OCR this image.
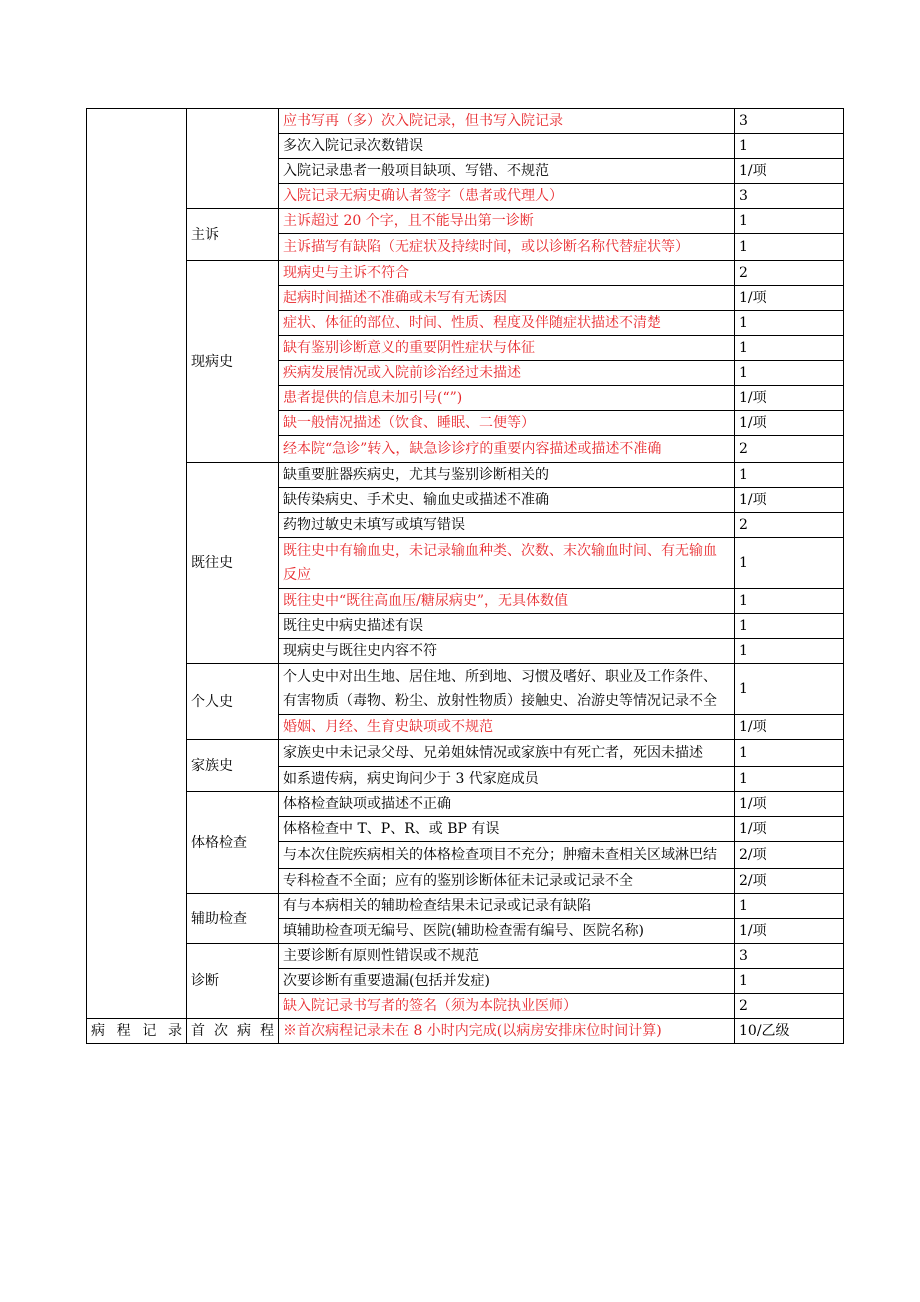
		应书写再（多）次入院记录，但书写入院记录	3
		多次入院记录次数错误	1
		入院记录患者一般项目缺项、写错、不规范	1/项
		入院记录无病史确认者签字（患者或代理人）	3
	主诉	主诉超过 20 个字，且不能导出第一诊断	1
		主诉描写有缺陷（无症状及持续时间，或以诊断名称代替症状等）	1
	现病史	现病史与主诉不符合	2
		起病时间描述不准确或未写有无诱因	1/项
		症状、体征的部位、时间、性质、程度及伴随症状描述不清楚	1
		缺有鉴别诊断意义的重要阴性症状与体征	1
		疾病发展情况或入院前诊治经过未描述	1
		患者提供的信息未加引号(“”)	1/项
		缺一般情况描述（饮食、睡眠、二便等）	1/项
		经本院“急诊”转入，缺急诊诊疗的重要内容描述或描述不准确	2
	既往史	缺重要脏器疾病史，尤其与鉴别诊断相关的	1
		缺传染病史、手术史、输血史或描述不准确	1/项
		药物过敏史未填写或填写错误	2
		既往史中有输血史，未记录输血种类、次数、末次输血时间、有无输血反应	1
		既往史中“既往高血压/糖尿病史”，无具体数值	1
		既往史中病史描述有误	1
		现病史与既往史内容不符	1
	个人史	个人史中对出生地、居住地、所到地、习惯及嗜好、职业及工作条件、有害物质（毒物、粉尘、放射性物质）接触史、冶游史等情况记录不全	1
		婚姻、月经、生育史缺项或不规范	1/项
	家族史	家族史中未记录父母、兄弟姐妹情况或家族中有死亡者，死因未描述	1
		如系遗传病，病史询问少于 3 代家庭成员	1
	体格检查	体格检查缺项或描述不正确	1/项
		体格检查中 T、P、R、或 BP 有误	1/项
		与本次住院疾病相关的体格检查项目不充分；肿瘤未查相关区域淋巴结	2/项
		专科检查不全面；应有的鉴别诊断体征未记录或记录不全	2/项
	辅助检查	有与本病相关的辅助检查结果未记录或记录有缺陷	1
		填辅助检查项无编号、医院(辅助检查需有编号、医院名称)	1/项
	诊断	主要诊断有原则性错误或不规范	3
		次要诊断有重要遗漏(包括并发症)	1
		缺入院记录书写者的签名（须为本院执业医师）	2
病程记录	首次病程	※首次病程记录未在 8 小时内完成(以病房安排床位时间计算)	10/乙级
